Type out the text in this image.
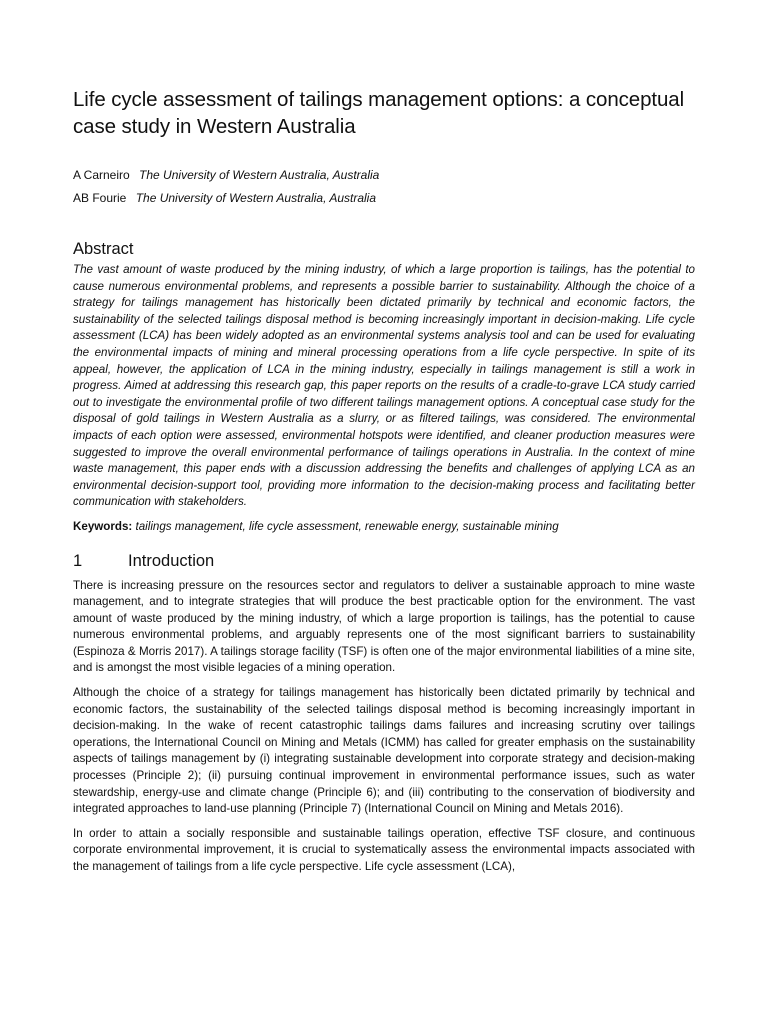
Life cycle assessment of tailings management options: a conceptual case study in Western Australia
A Carneiro The University of Western Australia, Australia
AB Fourie The University of Western Australia, Australia
Abstract

The vast amount of waste produced by the mining industry, of which a large proportion is tailings, has the potential to cause numerous environmental problems, and represents a possible barrier to sustainability. Although the choice of a strategy for tailings management has historically been dictated primarily by technical and economic factors, the sustainability of the selected tailings disposal method is becoming increasingly important in decision-making. Life cycle assessment (LCA) has been widely adopted as an environmental systems analysis tool and can be used for evaluating the environmental impacts of mining and mineral processing operations from a life cycle perspective. In spite of its appeal, however, the application of LCA in the mining industry, especially in tailings management is still a work in progress. Aimed at addressing this research gap, this paper reports on the results of a cradle-to-grave LCA study carried out to investigate the environmental profile of two different tailings management options. A conceptual case study for the disposal of gold tailings in Western Australia as a slurry, or as filtered tailings, was considered. The environmental impacts of each option were assessed, environmental hotspots were identified, and cleaner production measures were suggested to improve the overall environmental performance of tailings operations in Australia. In the context of mine waste management, this paper ends with a discussion addressing the benefits and challenges of applying LCA as an environmental decision-support tool, providing more information to the decision-making process and facilitating better communication with stakeholders.

Keywords: tailings management, life cycle assessment, renewable energy, sustainable mining
1	Introduction

There is increasing pressure on the resources sector and regulators to deliver a sustainable approach to mine waste management, and to integrate strategies that will produce the best practicable option for the environment. The vast amount of waste produced by the mining industry, of which a large proportion is tailings, has the potential to cause numerous environmental problems, and arguably represents one of the most significant barriers to sustainability (Espinoza & Morris 2017). A tailings storage facility (TSF) is often one of the major environmental liabilities of a mine site, and is amongst the most visible legacies of a mining operation.

Although the choice of a strategy for tailings management has historically been dictated primarily by technical and economic factors, the sustainability of the selected tailings disposal method is becoming increasingly important in decision-making. In the wake of recent catastrophic tailings dams failures and increasing scrutiny over tailings operations, the International Council on Mining and Metals (ICMM) has called for greater emphasis on the sustainability aspects of tailings management by (i) integrating sustainable development into corporate strategy and decision-making processes (Principle 2); (ii) pursuing continual improvement in environmental performance issues, such as water stewardship, energy-use and climate change (Principle 6); and (iii) contributing to the conservation of biodiversity and integrated approaches to land-use planning (Principle 7) (International Council on Mining and Metals 2016).

In order to attain a socially responsible and sustainable tailings operation, effective TSF closure, and continuous corporate environmental improvement, it is crucial to systematically assess the environmental impacts associated with the management of tailings from a life cycle perspective. Life cycle assessment (LCA),
